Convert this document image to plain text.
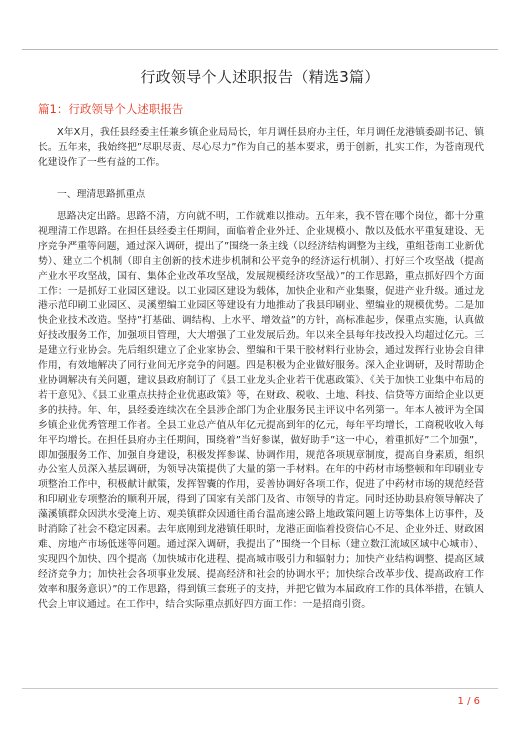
行政领导个人述职报告（精选3篇）
篇1：行政领导个人述职报告
X年X月，我任县经委主任兼乡镇企业局局长，年月调任县府办主任，年月调任龙港镇委副书记、镇长。五年来，我始终把”尽职尽责、尽心尽力”作为自己的基本要求，勇于创新，扎实工作，为苍南现代化建设作了一些有益的工作。
一、理清思路抓重点
思路决定出路。思路不清，方向就不明，工作就难以推动。五年来，我不管在哪个岗位，都十分重视理清工作思路。在担任县经委主任期间，面临着企业外迁、企业规模小、散以及低水平重复建设、无序竞争严重等问题，通过深入调研，提出了”围绕一条主线（以经济结构调整为主线，重组苍南工业新优势）、建立二个机制（即自主创新的技术进步机制和公平竞争的经济运行机制）、打好三个攻坚战（提高产业水平攻坚战，国有、集体企业改革攻坚战，发展规模经济攻坚战）”的工作思路，重点抓好四个方面工作：一是抓好工业园区建设。以工业园区建设为载体，加快企业和产业集聚，促进产业升级。通过龙港示范印刷工业园区、灵溪塑编工业园区等建设有力地推动了我县印刷业、塑编业的规模优势。二是加快企业技术改造。坚持”打基础、调结构、上水平、增效益”的方针，高标准起步，保重点实施，认真做好技改服务工作，加强项目管理，大大增强了工业发展后劲。年以来全县每年技改投入均超过亿元。三是建立行业协会。先后组织建立了企业家协会、塑编和干果干胶材料行业协会，通过发挥行业协会自律作用，有效地解决了同行业间无序竞争的问题。四是积极为企业做好服务。深入企业调研，及时帮助企业协调解决有关问题，建议县政府制订了《县工业龙头企业若干优惠政策》、《关于加快工业集中布局的若干意见》、《县工业重点扶持企业优惠政策》等，在财政、税收、土地、科技、信贷等方面给企业以更多的扶持。年、年，县经委连续次在全县涉企部门为企业服务民主评议中名列第一。年本人被评为全国乡镇企业优秀管理工作者。全县工业总产值从年亿元提高到年的亿元，每年平均增长，工商税收收入每年平均增长。在担任县府办主任期间，围绕着”当好参谋，做好助手”这一中心，着重抓好”二个加强”，即加强服务工作、加强自身建设，积极发挥参谋、协调作用，规范各项规章制度，提高自身素质，组织办公室人员深入基层调研，为领导决策提供了大量的第一手材料。在年的中药材市场整顿和年印刷业专项整治工作中，积极献计献策，发挥智囊的作用，妥善协调好各项工作，促进了中药材市场的规范经营和印刷业专项整治的顺利开展，得到了国家有关部门及省、市领导的肯定。同时还协助县府领导解决了藻溪镇群众因洪水受淹上访、观美镇群众因通往甬台温高速公路上地政策问题上访等集体上访事件，及时消除了社会不稳定因素。去年底刚到龙港镇任职时，龙港正面临着投资信心不足、企业外迁、财政困难、房地产市场低迷等问题。通过深入调研，我提出了”围绕一个目标（建立数江流域区域中心城市）、实现四个加快、四个提高（加快城市化进程、提高城市吸引力和辐射力；加快产业结构调整、提高区域经济竞争力；加快社会各项事业发展、提高经济和社会的协调水平；加快综合改革步伐、提高政府工作效率和服务意识）”的工作思路，得到镇三套班子的支持，并把它做为本届政府工作的具体举措，在镇人代会上审议通过。在工作中，结合实际重点抓好四方面工作：一是招商引资。
1 / 6
